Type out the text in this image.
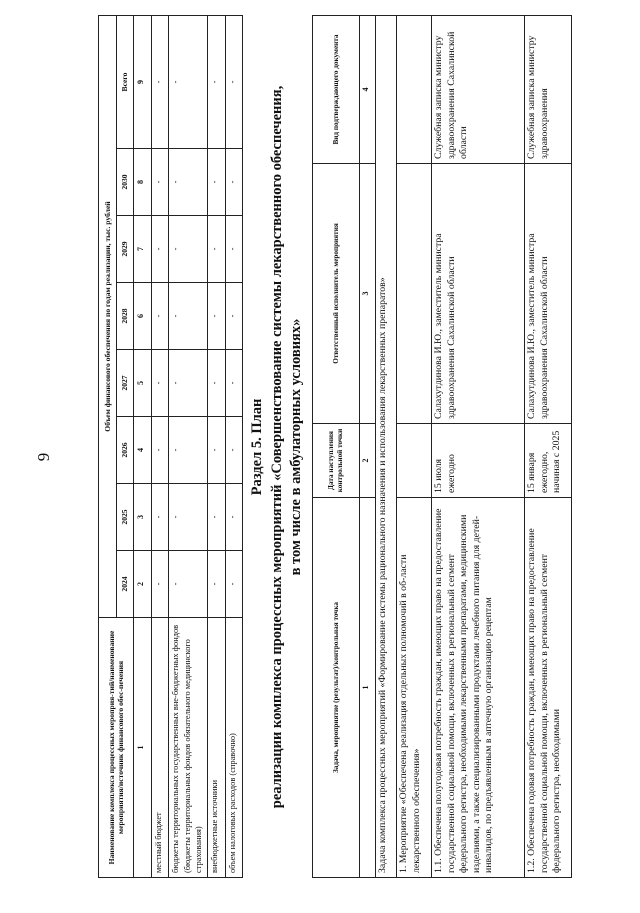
9
Наименование комплекса процессных мероприя-тий/наименование мероприятия/источник финансового обес-печения	Объем финансового обеспечения по годам реализации, тыс. рублей							
	2024	2025	2026	2027	2028	2029	2030	Всего
1	2	3	4	5	6	7	8	9
местный бюджет	-	-	-	-	-	-	-	-
бюджеты территориальных государственных вне-бюджетных фондов (бюджеты территориальных фондов обязательного медицинского страхования)	-	-	-	-	-	-	-	-
внебюджетные источники	-	-	-	-	-	-	-	-
объем налоговых расходов (справочно)	-	-	-	-	-	-	-	-
Раздел 5. План реализации комплекса процессных мероприятий «Совершенствование системы лекарственного обеспечения, в том числе в амбулаторных условиях»
Задача, мероприятие (результат)/контрольная точка	Дата наступления контрольной точки	Ответственный исполнитель мероприятия	Вид подтверждающего документа
1	2	3	4
Задача комплекса процессных мероприятий «Формирование системы рационального назначения и использования лекарственных препаратов»			
1. Мероприятие «Обеспечена реализация отдельных полномочий в об-ласти лекарственного обеспечения»			
1.1. Обеспечена полугодовая потребность граждан, имеющих право на предоставление государственной социальной помощи, включенных в региональный сегмент федерального регистра, необходимыми лекарственными препаратами, медицинскими изделиями, а также специализированными продуктами лечебного питания для детей-инвалидов, по предъявленным в аптечную организацию рецептам	15 июля ежегодно	Салахутдинова И.Ю., заместитель министра здравоохранения Сахалинской области	Служебная записка министру здравоохранения Сахалинской области
1.2. Обеспечена годовая потребность граждан, имеющих право на предоставление государственной социальной помощи, включенных в региональный сегмент федерального регистра, необходимыми	15 января ежегодно, начиная с 2025	Салахутдинова И.Ю., заместитель министра здравоохранения Сахалинской области	Служебная записка министру здравоохранения
